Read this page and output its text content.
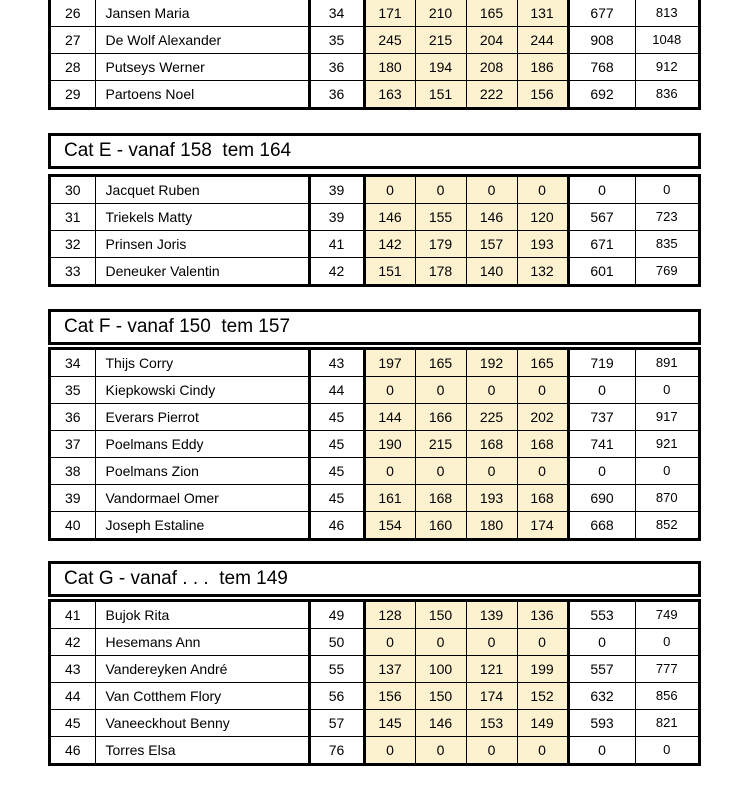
26	Jansen Maria	34	171	210	165	131	677	813
27	De Wolf Alexander	35	245	215	204	244	908	1048
28	Putseys Werner	36	180	194	208	186	768	912
29	Partoens Noel	36	163	151	222	156	692	836
Cat E - vanaf 158  tem 164
30	Jacquet Ruben	39	0	0	0	0	0	0
31	Triekels Matty	39	146	155	146	120	567	723
32	Prinsen Joris	41	142	179	157	193	671	835
33	Deneuker Valentin	42	151	178	140	132	601	769
Cat F - vanaf 150  tem 157
34	Thijs Corry	43	197	165	192	165	719	891
35	Kiepkowski Cindy	44	0	0	0	0	0	0
36	Everars Pierrot	45	144	166	225	202	737	917
37	Poelmans Eddy	45	190	215	168	168	741	921
38	Poelmans Zion	45	0	0	0	0	0	0
39	Vandormael Omer	45	161	168	193	168	690	870
40	Joseph Estaline	46	154	160	180	174	668	852
Cat G - vanaf . . .  tem 149
41	Bujok Rita	49	128	150	139	136	553	749
42	Hesemans Ann	50	0	0	0	0	0	0
43	Vandereyken André	55	137	100	121	199	557	777
44	Van Cotthem Flory	56	156	150	174	152	632	856
45	Vaneeckhout Benny	57	145	146	153	149	593	821
46	Torres Elsa	76	0	0	0	0	0	0
